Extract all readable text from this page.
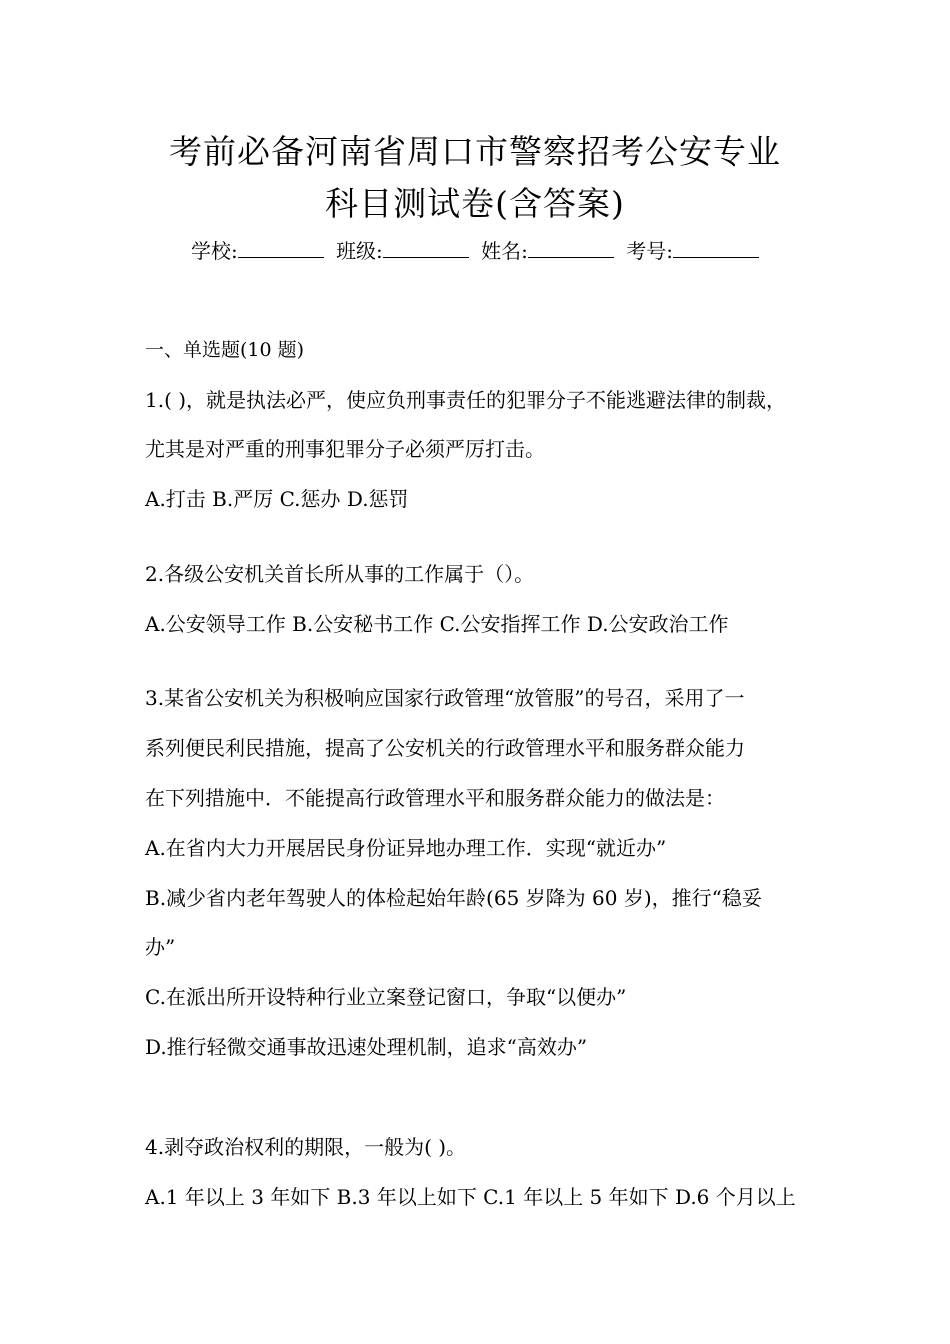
考前必备河南省周口市警察招考公安专业
科目测试卷(含答案)
学校:	班级:	姓名:	考号:
一、单选题(10 题)
1.( )，就是执法必严，使应负刑事责任的犯罪分子不能逃避法律的制裁，
尤其是对严重的刑事犯罪分子必须严厉打击。
A.打击 B.严厉 C.惩办 D.惩罚
2.各级公安机关首长所从事的工作属于（）。
A.公安领导工作 B.公安秘书工作 C.公安指挥工作 D.公安政治工作
3.某省公安机关为积极响应国家行政管理“放管服”的号召，采用了一
系列便民利民措施，提高了公安机关的行政管理水平和服务群众能力
在下列措施中．不能提高行政管理水平和服务群众能力的做法是：
A.在省内大力开展居民身份证异地办理工作．实现“就近办”
B.减少省内老年驾驶人的体检起始年龄(65 岁降为 60 岁)，推行“稳妥
办”
C.在派出所开设特种行业立案登记窗口，争取“以便办”
D.推行轻微交通事故迅速处理机制，追求“高效办”
4.剥夺政治权利的期限，一般为( )。
A.1 年以上 3 年如下 B.3 年以上如下 C.1 年以上 5 年如下 D.6 个月以上
